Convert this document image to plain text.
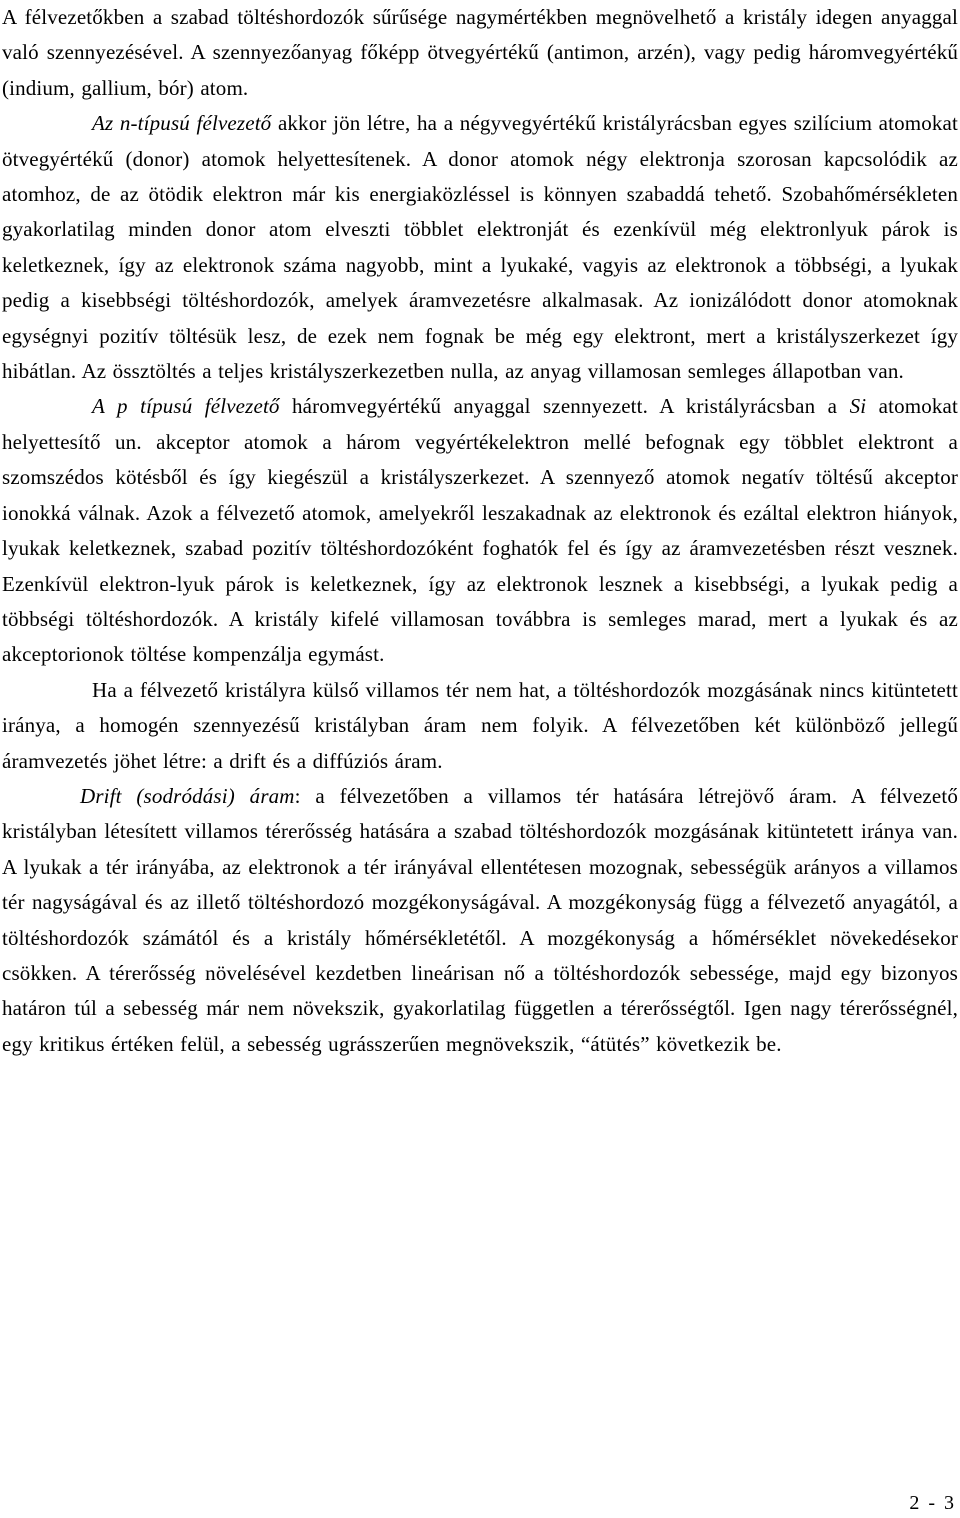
A félvezetőkben a szabad töltéshordozók sűrűsége nagymértékben megnövelhető a kristály idegen anyaggal való szennyezésével. A szennyezőanyag főképp ötvegyértékű (antimon, arzén), vagy pedig háromvegyértékű (indium, gallium, bór) atom.

Az n-típusú félvezető akkor jön létre, ha a négyvegyértékű kristályrácsban egyes szilícium atomokat ötvegyértékű (donor) atomok helyettesítenek. A donor atomok négy elektronja szorosan kapcsolódik az atomhoz, de az ötödik elektron már kis energiaközléssel is könnyen szabaddá tehető. Szobahőmérsékleten gyakorlatilag minden donor atom elveszti többlet elektronját és ezenkívül még elektronlyuk párok is keletkeznek, így az elektronok száma nagyobb, mint a lyukaké, vagyis az elektronok a többségi, a lyukak pedig a kisebbségi töltéshordozók, amelyek áramvezetésre alkalmasak. Az ionizálódott donor atomoknak egységnyi pozitív töltésük lesz, de ezek nem fognak be még egy elektront, mert a kristályszerkezet így hibátlan. Az össztöltés a teljes kristályszerkezetben nulla, az anyag villamosan semleges állapotban van.

A p típusú félvezető háromvegyértékű anyaggal szennyezett. A kristályrácsban a Si atomokat helyettesítő un. akceptor atomok a három vegyértékelektron mellé befognak egy többlet elektront a szomszédos kötésből és így kiegészül a kristályszerkezet. A szennyező atomok negatív töltésű akceptor ionokká válnak. Azok a félvezető atomok, amelyekről leszakadnak az elektronok és ezáltal elektron hiányok, lyukak keletkeznek, szabad pozitív töltéshordozóként foghatók fel és így az áramvezetésben részt vesznek. Ezenkívül elektron-lyuk párok is keletkeznek, így az elektronok lesznek a kisebbségi, a lyukak pedig a többségi töltéshordozók. A kristály kifelé villamosan továbbra is semleges marad, mert a lyukak és az akceptorionok töltése kompenzálja egymást.

Ha a félvezető kristályra külső villamos tér nem hat, a töltéshordozók mozgásának nincs kitüntetett iránya, a homogén szennyezésű kristályban áram nem folyik. A félvezetőben két különböző jellegű áramvezetés jöhet létre: a drift és a diffúziós áram.

Drift (sodródási) áram: a félvezetőben a villamos tér hatására létrejövő áram. A félvezető kristályban létesített villamos térerősség hatására a szabad töltéshordozók mozgásának kitüntetett iránya van. A lyukak a tér irányába, az elektronok a tér irányával ellentétesen mozognak, sebességük arányos a villamos tér nagyságával és az illető töltéshordozó mozgékonyságával. A mozgékonyság függ a félvezető anyagától, a töltéshordozók számától és a kristály hőmérsékletétől. A mozgékonyság a hőmérséklet növekedésekor csökken. A térerősség növelésével kezdetben lineárisan nő a töltéshordozók sebessége, majd egy bizonyos határon túl a sebesség már nem növekszik, gyakorlatilag független a térerősségtől. Igen nagy térerősségnél, egy kritikus értéken felül, a sebesség ugrásszerűen megnövekszik, “átütés” következik be.

2 - 3
